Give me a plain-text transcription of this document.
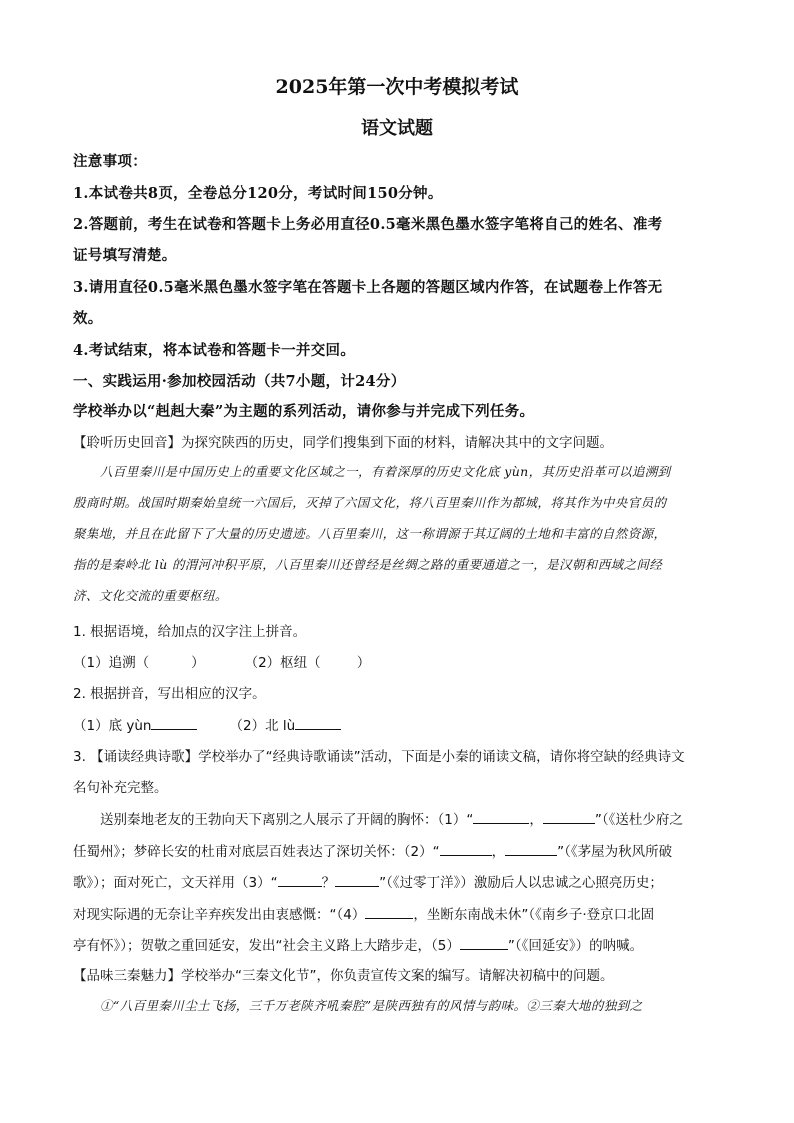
2025年第一次中考模拟考试
语文试题
注意事项：
1.本试卷共8页，全卷总分120分，考试时间150分钟。
2.答题前，考生在试卷和答题卡上务必用直径0.5毫米黑色墨水签字笔将自己的姓名、准考
证号填写清楚。
3.请用直径0.5毫米黑色墨水签字笔在答题卡上各题的答题区域内作答，在试题卷上作答无
效。
4.考试结束，将本试卷和答题卡一并交回。
一、实践运用·参加校园活动（共7小题，计24分）
学校举办以“赳赳大秦”为主题的系列活动，请你参与并完成下列任务。
【聆听历史回音】为探究陕西的历史，同学们搜集到下面的材料，请解决其中的文字问题。
八百里秦川是中国历史上的重要文化区域之一，有着深厚的历史文化底 yùn，其历史沿革可以追溯到
殷商时期。战国时期秦始皇统一六国后，灭掉了六国文化，将八百里秦川作为都城，将其作为中央官员的
聚集地，并且在此留下了大量的历史遗迹。八百里秦川，这一称谓源于其辽阔的土地和丰富的自然资源，
指的是秦岭北 lù 的渭河冲积平原，八百里秦川还曾经是丝绸之路的重要通道之一，是汉朝和西域之间经
济、文化交流的重要枢纽。
1. 根据语境，给加点的汉字注上拼音。
（1）追溯（	）	（2）枢纽（	）
2. 根据拼音，写出相应的汉字。
（1）底 yùn	（2）北 lù
3. 【诵读经典诗歌】学校举办了“经典诗歌诵读”活动，下面是小秦的诵读文稿，请你将空缺的经典诗文
名句补充完整。
送别秦地老友的王勃向天下离别之人展示了开阔的胸怀：（1）“	，	”（《送杜少府之
任蜀州》；梦碎长安的杜甫对底层百姓表达了深切关怀：（2）“	，	”（《茅屋为秋风所破
歌》）；面对死亡，文天祥用（3）“	？	”（《过零丁洋》）激励后人以忠诚之心照亮历史；
对现实际遇的无奈让辛弃疾发出由衷感慨：“（4）	，坐断东南战未休”（《南乡子·登京口北固
亭有怀》）；贺敬之重回延安，发出“社会主义路上大踏步走，（5）	”（《回延安》）的呐喊。
【品味三秦魅力】学校举办“三秦文化节”，你负责宣传文案的编写。请解决初稿中的问题。
①“八百里秦川尘土飞扬，三千万老陕齐吼秦腔”是陕西独有的风情与韵味。②三秦大地的独到之
